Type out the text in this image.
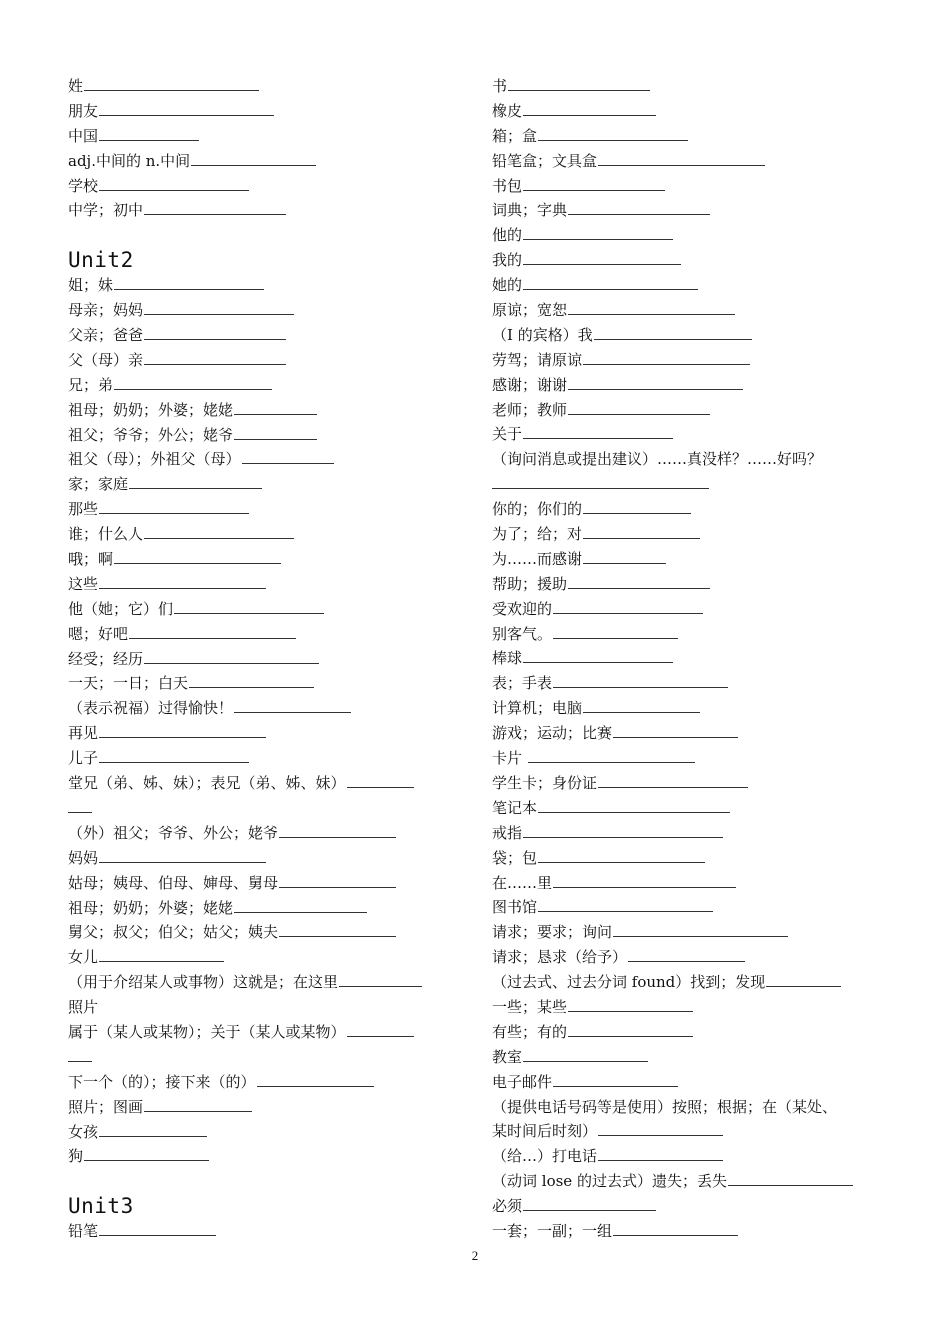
姓
朋友
中国
adj.中间的 n.中间
学校
中学；初中
Unit2
姐；妹
母亲；妈妈
父亲；爸爸
父（母）亲
兄；弟
祖母；奶奶；外婆；姥姥
祖父；爷爷；外公；姥爷
祖父（母）；外祖父（母）
家；家庭
那些
谁；什么人
哦；啊
这些
他（她；它）们
嗯；好吧
经受；经历
一天；一日；白天
（表示祝福）过得愉快！
再见
儿子
堂兄（弟、姊、妹）；表兄（弟、姊、妹）
（外）祖父；爷爷、外公；姥爷
妈妈
姑母；姨母、伯母、婶母、舅母
祖母；奶奶；外婆；姥姥
舅父；叔父；伯父；姑父；姨夫
女儿
（用于介绍某人或事物）这就是；在这里
照片
属于（某人或某物）；关于（某人或某物）
下一个（的）；接下来（的）
照片；图画
女孩
狗
Unit3
铅笔
书
橡皮
箱；盒
铅笔盒；文具盒
书包
词典；字典
他的
我的
她的
原谅；宽恕
（I 的宾格）我
劳驾；请原谅
感谢；谢谢
老师；教师
关于
（询问消息或提出建议）……真没样？……好吗？
你的；你们的
为了；给；对
为……而感谢
帮助；援助
受欢迎的
别客气。
棒球
表；手表
计算机；电脑
游戏；运动；比赛
卡片
学生卡；身份证
笔记本
戒指
袋；包
在……里
图书馆
请求；要求；询问
请求；恳求（给予）
（过去式、过去分词 found）找到；发现
一些；某些
有些；有的
教室
电子邮件
（提供电话号码等是使用）按照；根据；在（某处、
某时间后时刻）
（给…）打电话
（动词 lose 的过去式）遗失；丢失
必须
一套；一副；一组
2
